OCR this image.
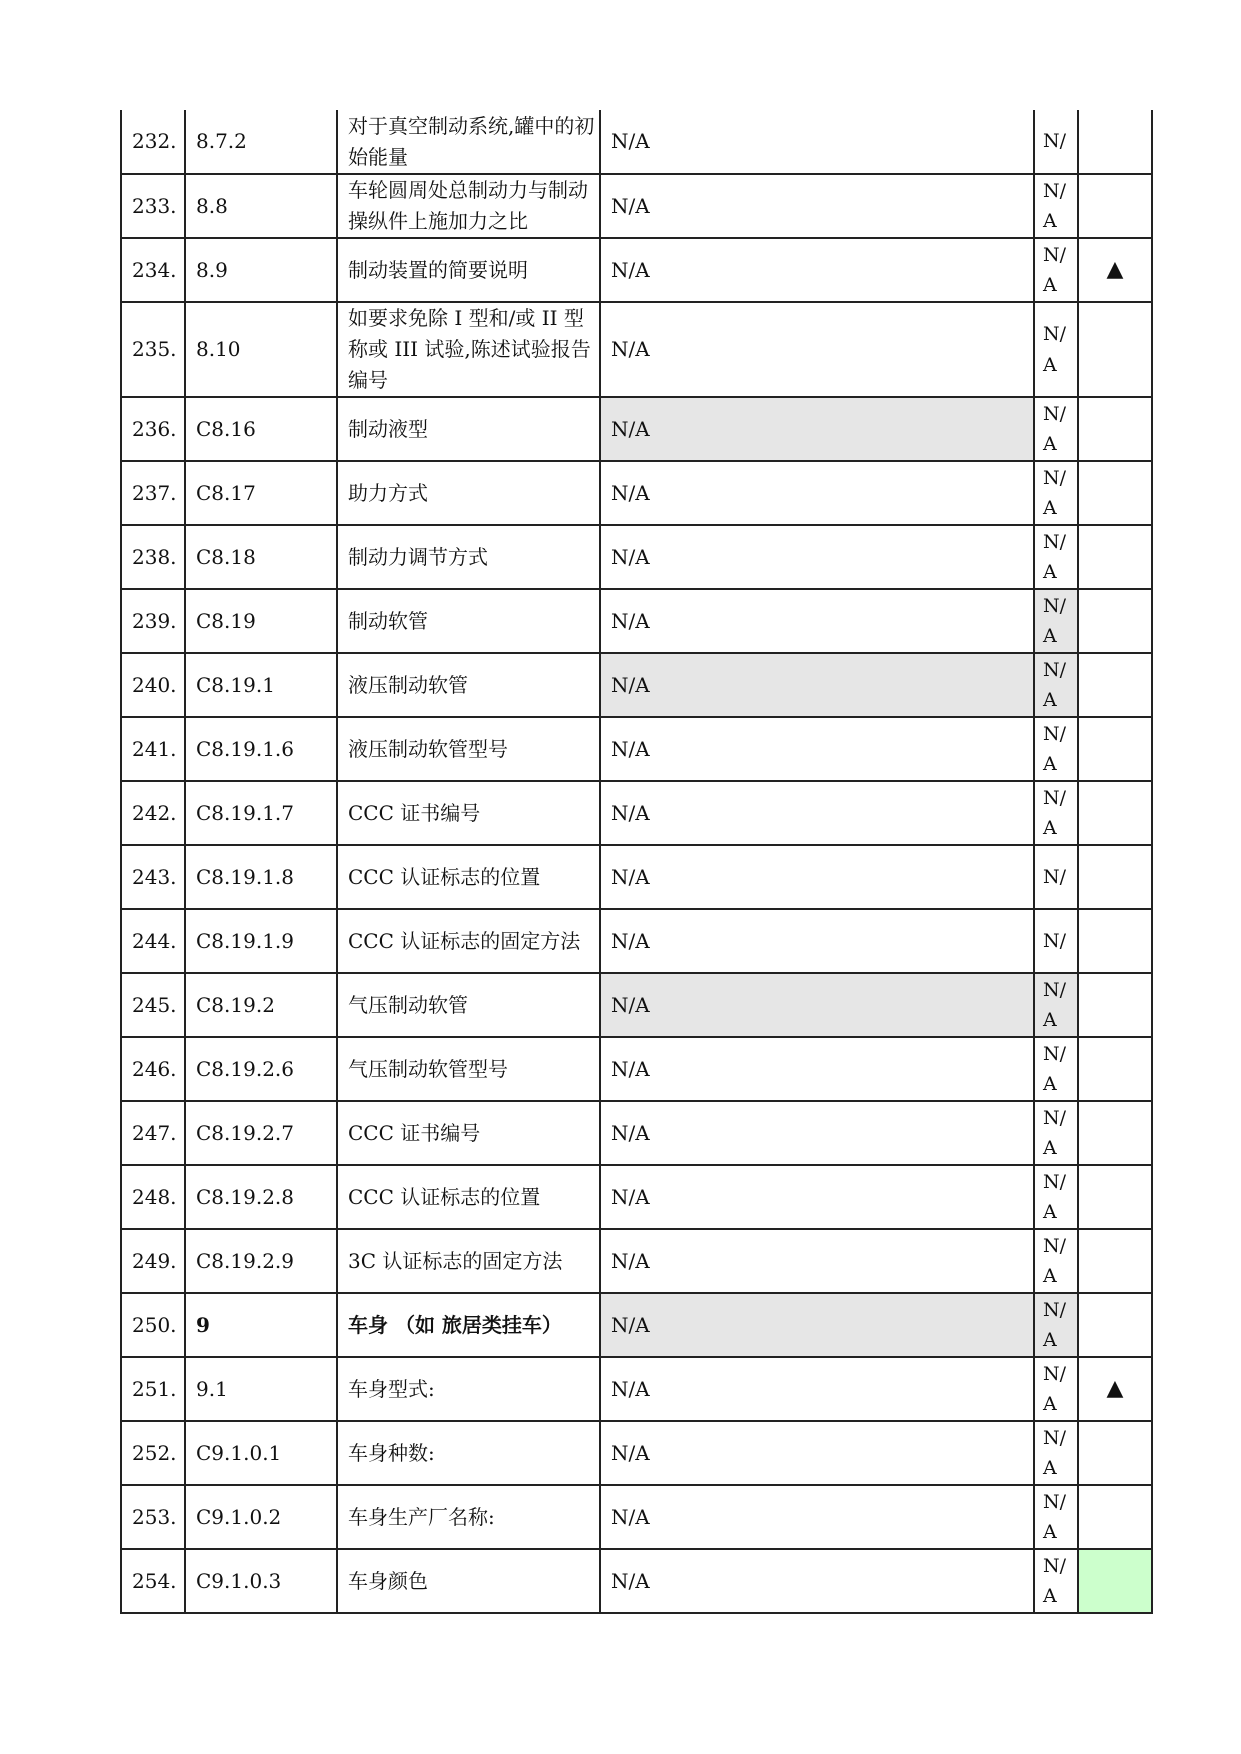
232.	8.7.2	对于真空制动系统,罐中的初始能量	N/A	N/	
233.	8.8	车轮圆周处总制动力与制动操纵件上施加力之比	N/A	N/A	
234.	8.9	制动装置的简要说明	N/A	N/A	▲
235.	8.10	如要求免除 I 型和/或 II 型称或 III 试验,陈述试验报告编号	N/A	N/A	
236.	C8.16	制动液型	N/A	N/A	
237.	C8.17	助力方式	N/A	N/A	
238.	C8.18	制动力调节方式	N/A	N/A	
239.	C8.19	制动软管	N/A	N/A	
240.	C8.19.1	液压制动软管	N/A	N/A	
241.	C8.19.1.6	液压制动软管型号	N/A	N/A	
242.	C8.19.1.7	CCC 证书编号	N/A	N/A	
243.	C8.19.1.8	CCC 认证标志的位置	N/A	N/	
244.	C8.19.1.9	CCC 认证标志的固定方法	N/A	N/	
245.	C8.19.2	气压制动软管	N/A	N/A	
246.	C8.19.2.6	气压制动软管型号	N/A	N/A	
247.	C8.19.2.7	CCC 证书编号	N/A	N/A	
248.	C8.19.2.8	CCC 认证标志的位置	N/A	N/A	
249.	C8.19.2.9	3C 认证标志的固定方法	N/A	N/A	
250.	9	车身 （如 旅居类挂车）	N/A	N/A	
251.	9.1	车身型式:	N/A	N/A	▲
252.	C9.1.0.1	车身种数:	N/A	N/A	
253.	C9.1.0.2	车身生产厂名称:	N/A	N/A	
254.	C9.1.0.3	车身颜色	N/A	N/A	
